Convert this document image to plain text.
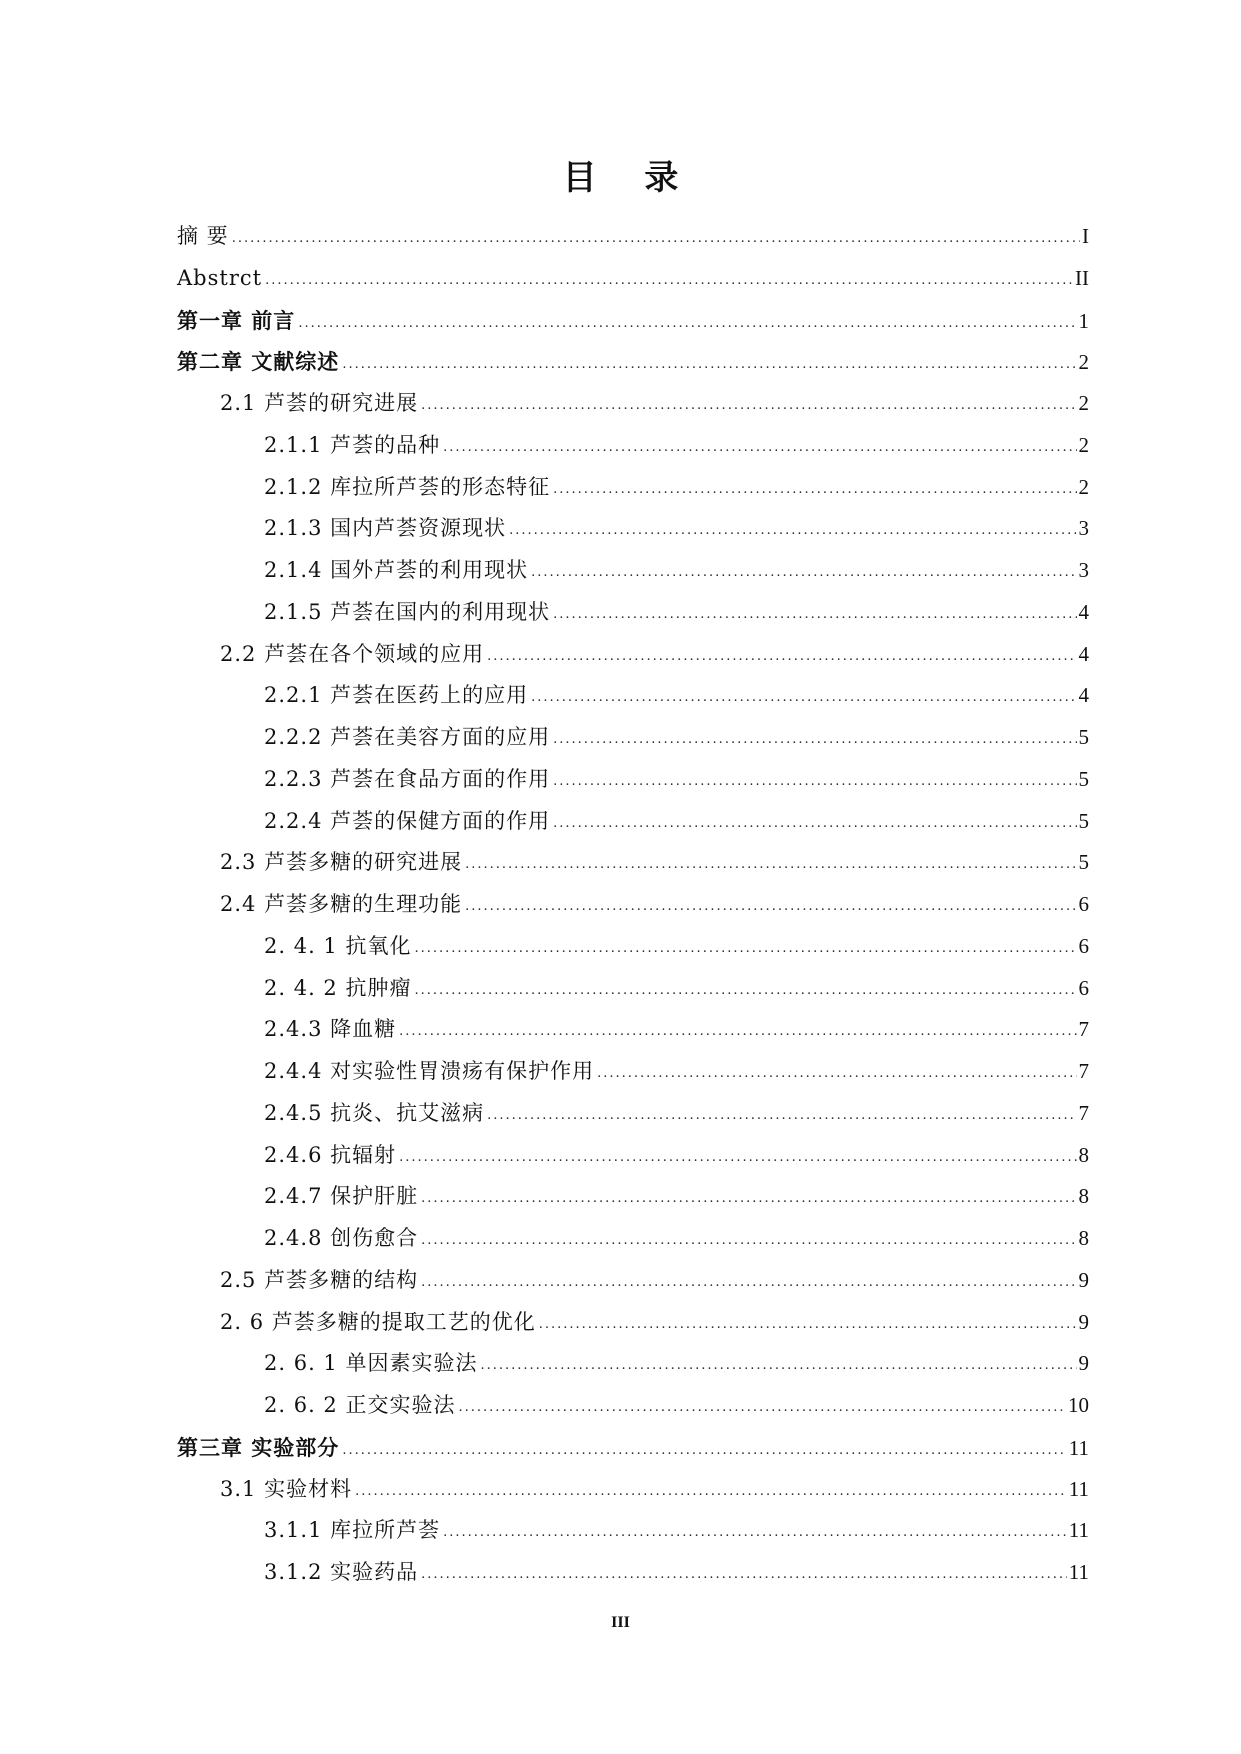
目 录
摘 要 .....	I
Abstrct .....	II
第一章 前言 .....	1
第二章 文献综述 .....	2
2.1 芦荟的研究进展 .....	2
2.1.1 芦荟的品种 .....	2
2.1.2 库拉所芦荟的形态特征 .....	2
2.1.3 国内芦荟资源现状 .....	3
2.1.4 国外芦荟的利用现状 .....	3
2.1.5 芦荟在国内的利用现状 .....	4
2.2 芦荟在各个领域的应用 .....	4
2.2.1 芦荟在医药上的应用 .....	4
2.2.2 芦荟在美容方面的应用 .....	5
2.2.3 芦荟在食品方面的作用 .....	5
2.2.4 芦荟的保健方面的作用 .....	5
2.3 芦荟多糖的研究进展 .....	5
2.4 芦荟多糖的生理功能 .....	6
2. 4. 1 抗氧化 .....	6
2. 4. 2 抗肿瘤 .....	6
2.4.3 降血糖 .....	7
2.4.4 对实验性胃溃疡有保护作用 .....	7
2.4.5 抗炎、抗艾滋病 .....	7
2.4.6 抗辐射 .....	8
2.4.7 保护肝脏 .....	8
2.4.8 创伤愈合 .....	8
2.5 芦荟多糖的结构 .....	9
2. 6 芦荟多糖的提取工艺的优化 .....	9
2. 6. 1 单因素实验法 .....	9
2. 6. 2 正交实验法 .....	10
第三章 实验部分 .....	11
3.1 实验材料 .....	11
3.1.1 库拉所芦荟 .....	11
3.1.2 实验药品 .....	11
III
